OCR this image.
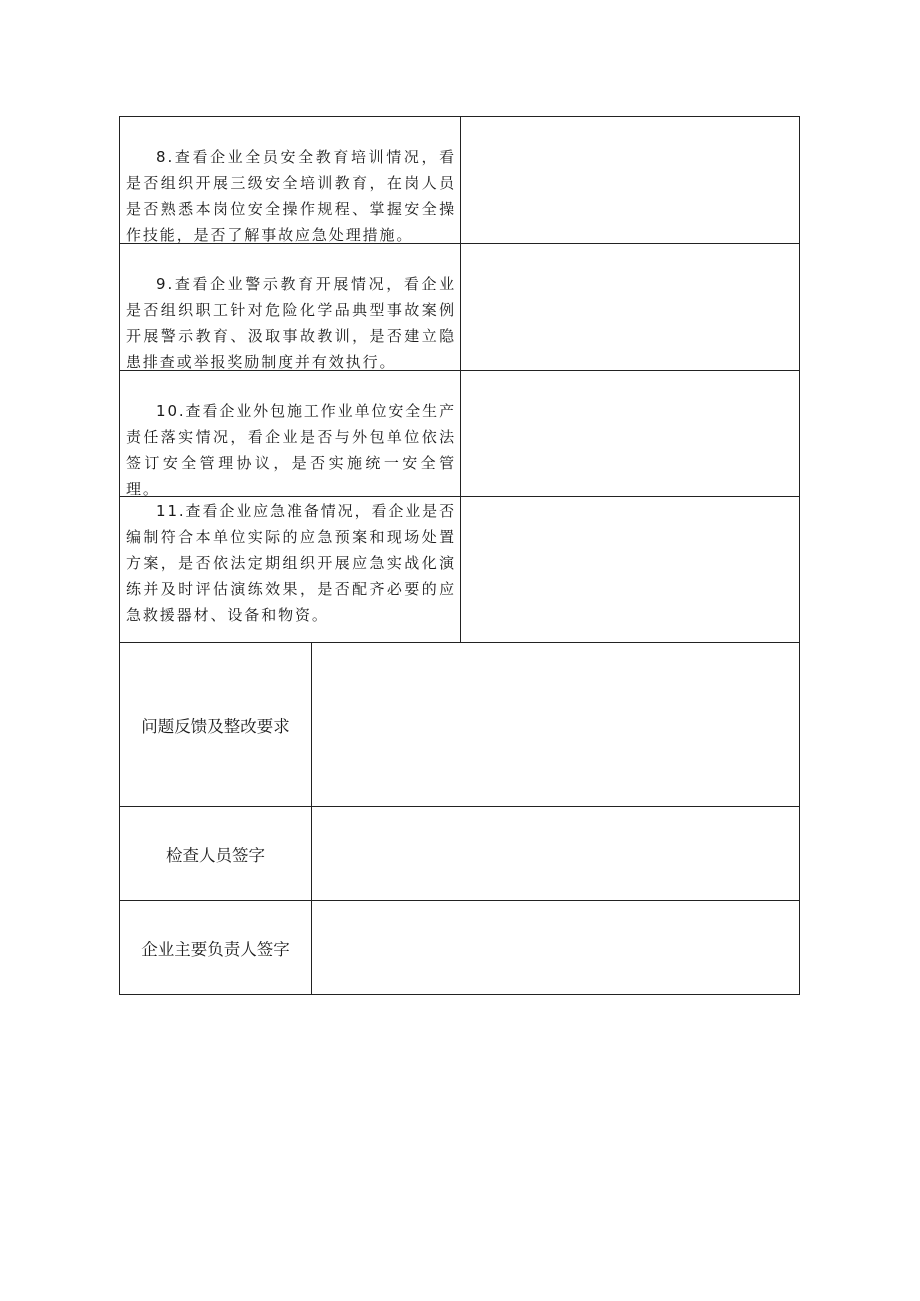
8.查看企业全员安全教育培训情况，看是否组织开展三级安全培训教育，在岗人员是否熟悉本岗位安全操作规程、掌握安全操作技能，是否了解事故应急处理措施。
9.查看企业警示教育开展情况，看企业是否组织职工针对危险化学品典型事故案例开展警示教育、汲取事故教训，是否建立隐患排查或举报奖励制度并有效执行。
10.查看企业外包施工作业单位安全生产责任落实情况，看企业是否与外包单位依法签订安全管理协议，是否实施统一安全管理。
11.查看企业应急准备情况，看企业是否编制符合本单位实际的应急预案和现场处置方案，是否依法定期组织开展应急实战化演练并及时评估演练效果，是否配齐必要的应急救援器材、设备和物资。
问题反馈及整改要求
检查人员签字
企业主要负责人签字
